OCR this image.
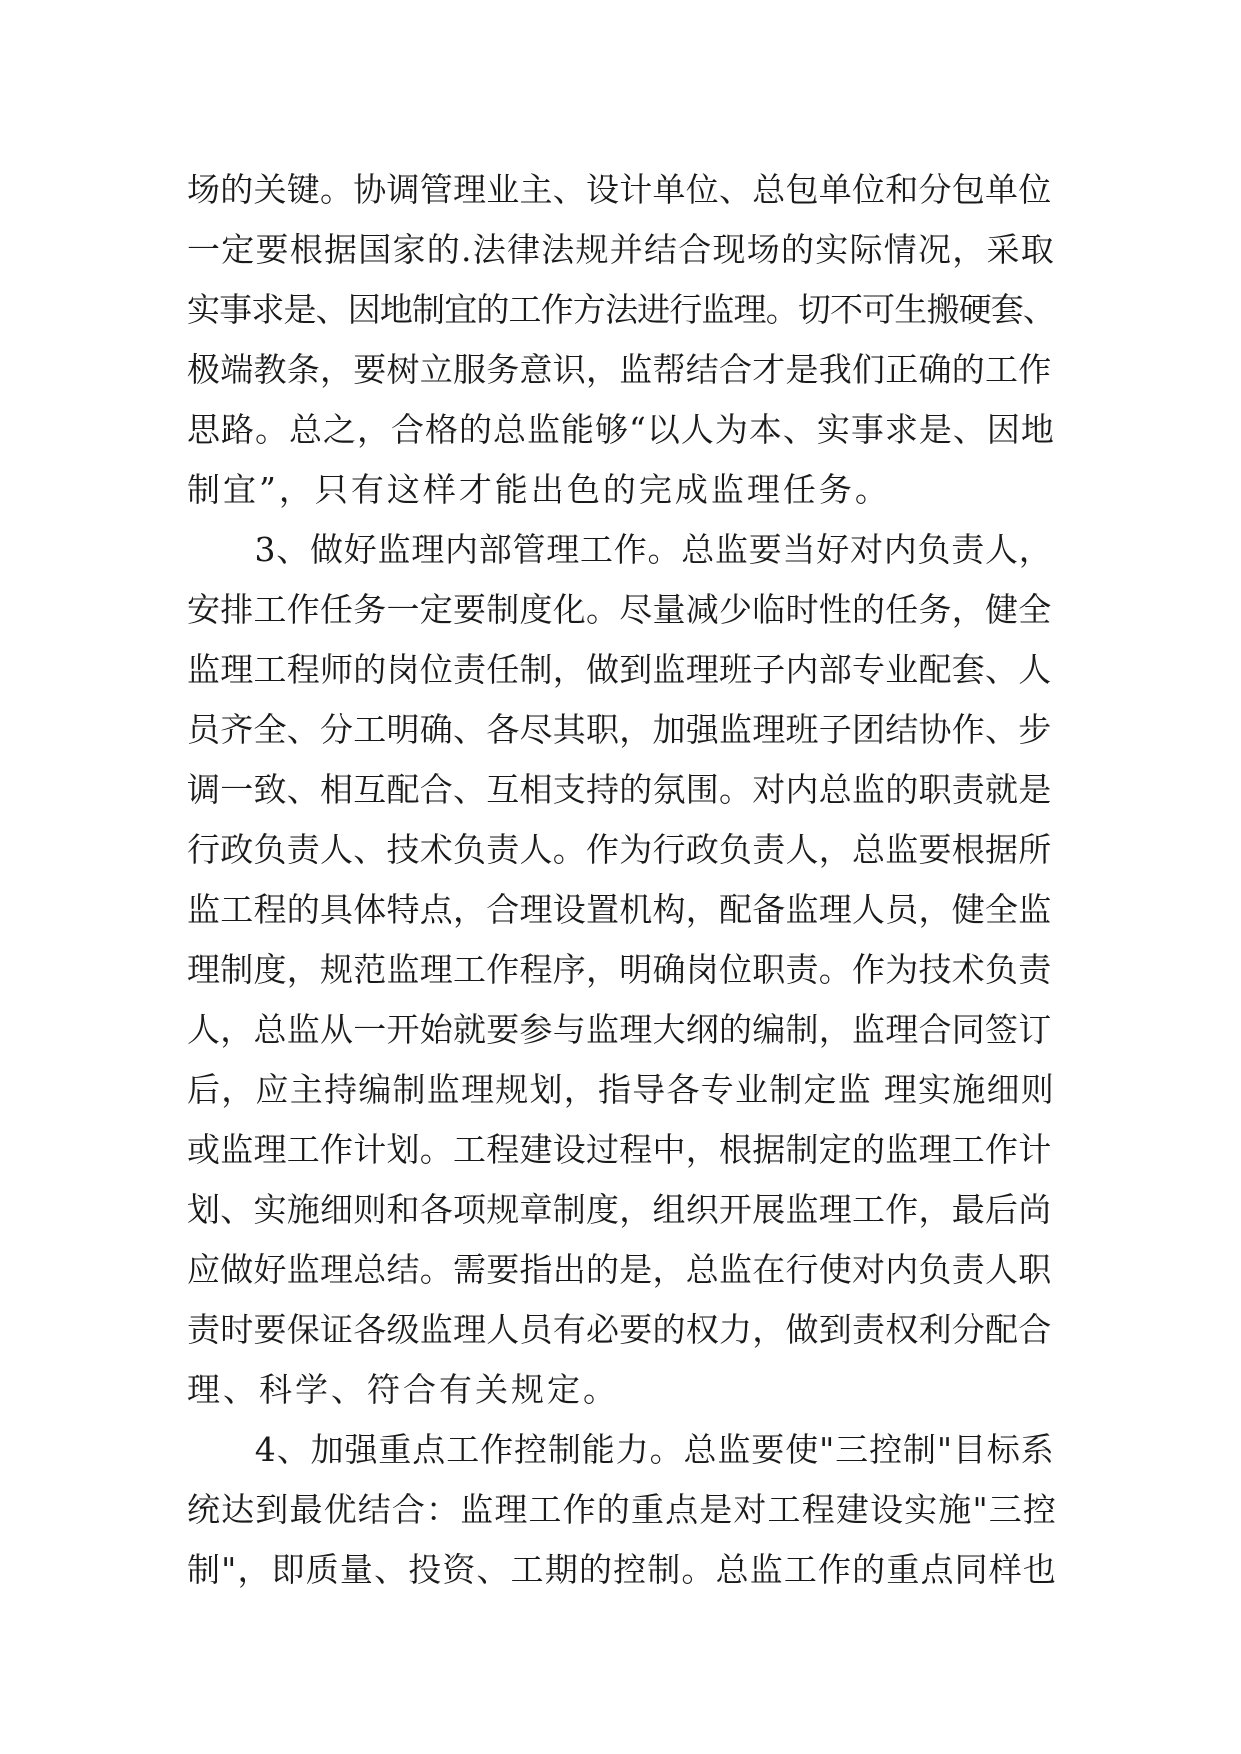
场的关键。协调管理业主、设计单位、总包单位和分包单位
一定要根据国家的.法律法规并结合现场的实际情况，采取
实事求是、因地制宜的工作方法进行监理。切不可生搬硬套、
极端教条，要树立服务意识，监帮结合才是我们正确的工作
思路。总之，合格的总监能够“以人为本、实事求是、因地
制宜”，只有这样才能出色的完成监理任务。
　　3、做好监理内部管理工作。总监要当好对内负责人，
安排工作任务一定要制度化。尽量减少临时性的任务，健全
监理工程师的岗位责任制，做到监理班子内部专业配套、人
员齐全、分工明确、各尽其职，加强监理班子团结协作、步
调一致、相互配合、互相支持的氛围。对内总监的职责就是
行政负责人、技术负责人。作为行政负责人，总监要根据所
监工程的具体特点，合理设置机构，配备监理人员，健全监
理制度，规范监理工作程序，明确岗位职责。作为技术负责
人，总监从一开始就要参与监理大纲的编制，监理合同签订
后，应主持编制监理规划，指导各专业制定监 理实施细则
或监理工作计划。工程建设过程中，根据制定的监理工作计
划、实施细则和各项规章制度，组织开展监理工作，最后尚
应做好监理总结。需要指出的是，总监在行使对内负责人职
责时要保证各级监理人员有必要的权力，做到责权利分配合
理、科学、符合有关规定。
　　4、加强重点工作控制能力。总监要使"三控制"目标系
统达到最优结合：监理工作的重点是对工程建设实施"三控
制"，即质量、投资、工期的控制。总监工作的重点同样也
